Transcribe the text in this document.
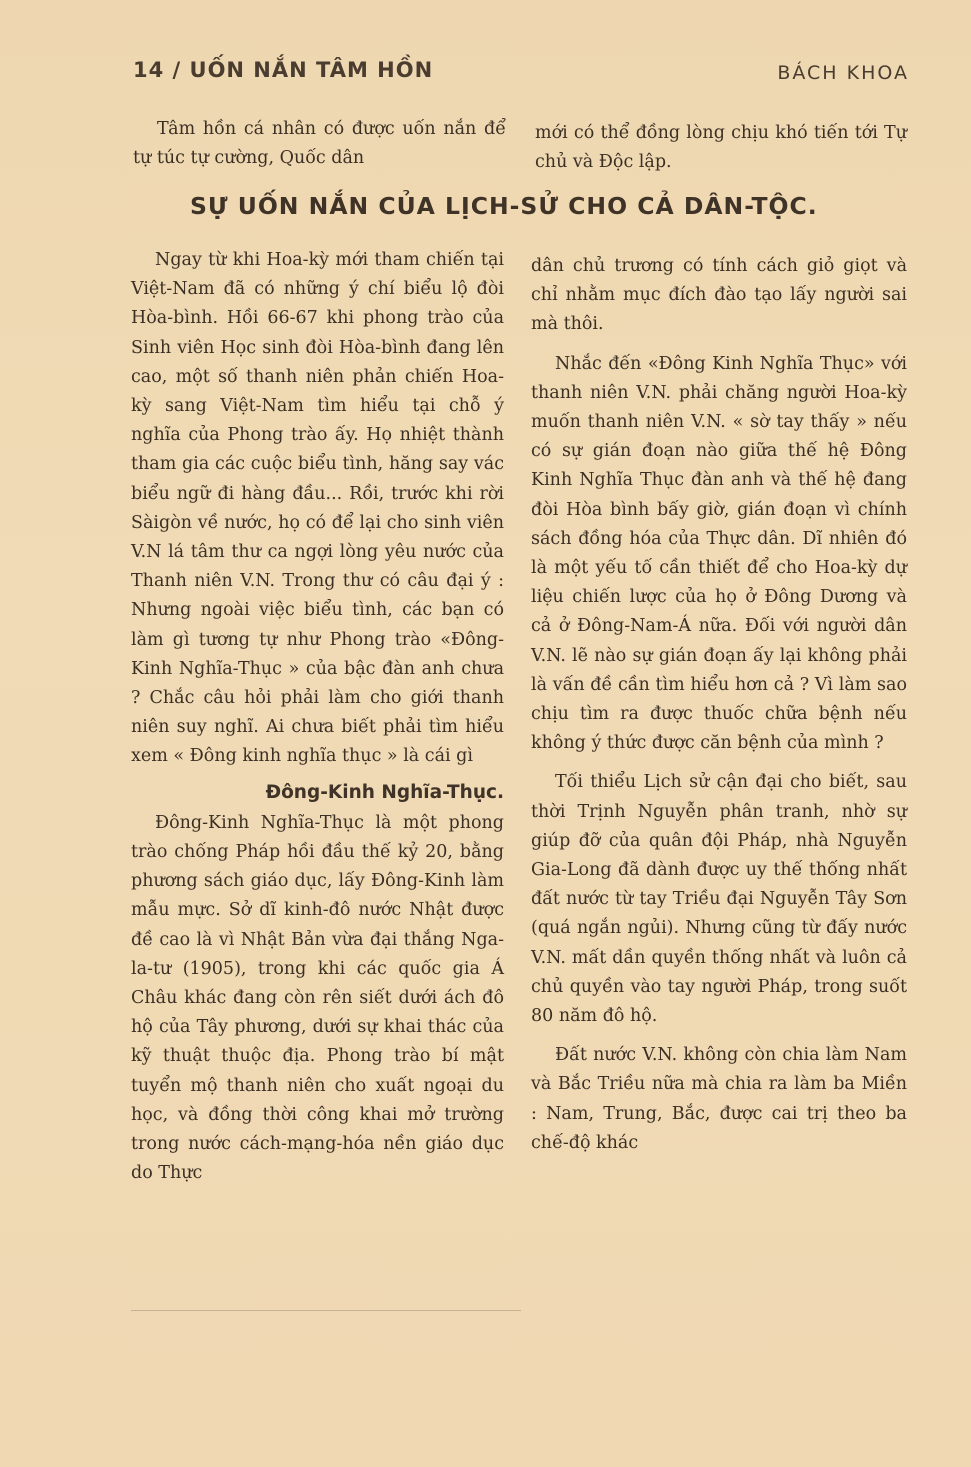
14 / UỐN NẮN TÂM HỒN	BÁCH KHOA

Tâm hồn cá nhân có được uốn nắn để tự túc tự cường, Quốc dân

mới có thể đồng lòng chịu khó tiến tới Tự chủ và Độc lập.

SỰ UỐN NẮN CỦA LỊCH-SỬ CHO CẢ DÂN-TỘC.

Ngay từ khi Hoa-kỳ mới tham chiến tại Việt-Nam đã có những ý chí biểu lộ đòi Hòa-bình. Hồi 66-67 khi phong trào của Sinh viên Học sinh đòi Hòa-bình đang lên cao, một số thanh niên phản chiến Hoa-kỳ sang Việt-Nam tìm hiểu tại chỗ ý nghĩa của Phong trào ấy. Họ nhiệt thành tham gia các cuộc biểu tình, hăng say vác biểu ngữ đi hàng đầu... Rồi, trước khi rời Sàigòn về nước, họ có để lại cho sinh viên V.N lá tâm thư ca ngợi lòng yêu nước của Thanh niên V.N. Trong thư có câu đại ý : Nhưng ngoài việc biểu tình, các bạn có làm gì tương tự như Phong trào «Đông-Kinh Nghĩa-Thục » của bậc đàn anh chưa ? Chắc câu hỏi phải làm cho giới thanh niên suy nghĩ. Ai chưa biết phải tìm hiểu xem « Đông kinh nghĩa thục » là cái gì

Đông-Kinh Nghĩa-Thục.

Đông-Kinh Nghĩa-Thục là một phong trào chống Pháp hồi đầu thế kỷ 20, bằng phương sách giáo dục, lấy Đông-Kinh làm mẫu mực. Sở dĩ kinh-đô nước Nhật được đề cao là vì Nhật Bản vừa đại thắng Nga-la-tư (1905), trong khi các quốc gia Á Châu khác đang còn rên siết dưới ách đô hộ của Tây phương, dưới sự khai thác của kỹ thuật thuộc địa. Phong trào bí mật tuyển mộ thanh niên cho xuất ngoại du học, và đồng thời công khai mở trường trong nước cách-mạng-hóa nền giáo dục do Thực

dân chủ trương có tính cách giỏ giọt và chỉ nhằm mục đích đào tạo lấy người sai mà thôi.

Nhắc đến «Đông Kinh Nghĩa Thục» với thanh niên V.N. phải chăng người Hoa-kỳ muốn thanh niên V.N. « sờ tay thấy » nếu có sự gián đoạn nào giữa thế hệ Đông Kinh Nghĩa Thục đàn anh và thế hệ đang đòi Hòa bình bấy giờ, gián đoạn vì chính sách đồng hóa của Thực dân. Dĩ nhiên đó là một yếu tố cần thiết để cho Hoa-kỳ dự liệu chiến lược của họ ở Đông Dương và cả ở Đông-Nam-Á nữa. Đối với người dân V.N. lẽ nào sự gián đoạn ấy lại không phải là vấn đề cần tìm hiểu hơn cả ? Vì làm sao chịu tìm ra được thuốc chữa bệnh nếu không ý thức được căn bệnh của mình ?

Tối thiểu Lịch sử cận đại cho biết, sau thời Trịnh Nguyễn phân tranh, nhờ sự giúp đỡ của quân đội Pháp, nhà Nguyễn Gia-Long đã dành được uy thế thống nhất đất nước từ tay Triều đại Nguyễn Tây Sơn (quá ngắn ngủi). Nhưng cũng từ đấy nước V.N. mất dần quyền thống nhất và luôn cả chủ quyền vào tay người Pháp, trong suốt 80 năm đô hộ.

Đất nước V.N. không còn chia làm Nam và Bắc Triều nữa mà chia ra làm ba Miền : Nam, Trung, Bắc, được cai trị theo ba chế-độ khác
